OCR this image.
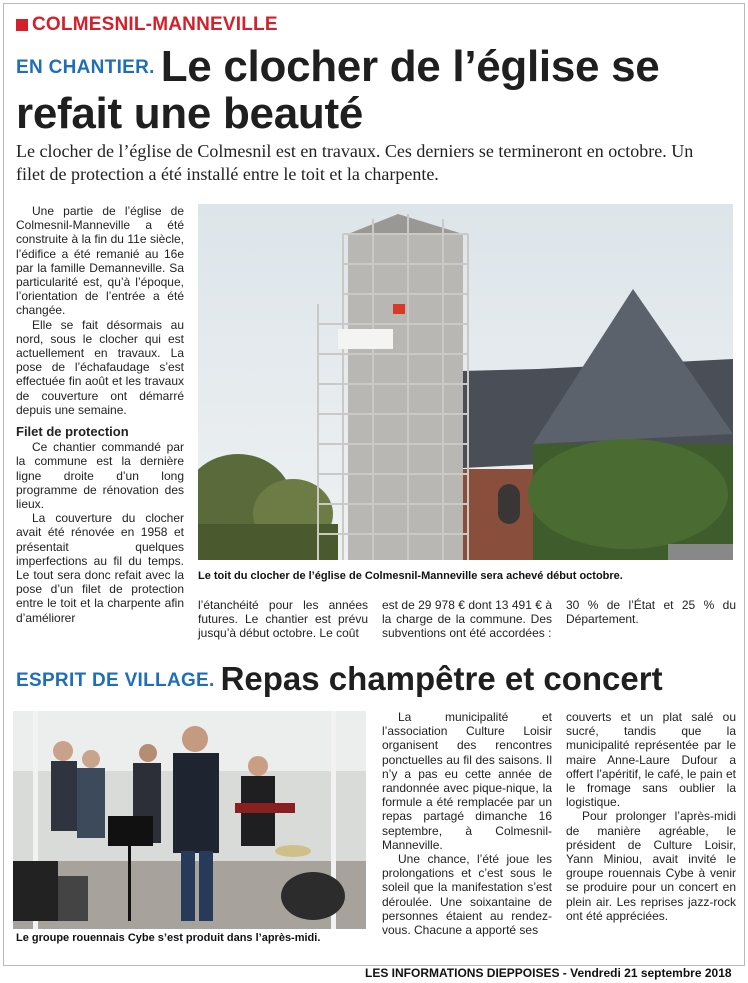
COLMESNIL-MANNEVILLE
EN CHANTIER. Le clocher de l’église se refait une beauté

Le clocher de l’église de Colmesnil est en travaux. Ces derniers se termineront en octobre. Un filet de protection a été installé entre le toit et la charpente.

Une partie de l’église de Colmesnil-Manneville a été construite à la fin du 11e siècle, l’édifice a été remanié au 16e par la famille Demanneville. Sa particularité est, qu’à l’époque, l’orientation de l’entrée a été changée.

Elle se fait désormais au nord, sous le clocher qui est actuellement en travaux. La pose de l’échafaudage s’est effectuée fin août et les travaux de couverture ont démarré depuis une semaine.

Filet de protection

Ce chantier commandé par la commune est la dernière ligne droite d’un long programme de rénovation des lieux.

La couverture du clocher avait été rénovée en 1958 et présentait quelques imperfections au fil du temps. Le tout sera donc refait avec la pose d’un filet de protection entre le toit et la charpente afin d’améliorer

Le toit du clocher de l’église de Colmesnil-Manneville sera achevé début octobre.

l’étanchéité pour les années futures. Le chantier est prévu jusqu’à début octobre. Le coût

est de 29 978 € dont 13 491 € à la charge de la commune. Des subventions ont été accordées :

30 % de l’État et 25 % du Département.

ESPRIT DE VILLAGE. Repas champêtre et concert
Le groupe rouennais Cybe s’est produit dans l’après-midi.

La municipalité et l’association Culture Loisir organisent des rencontres ponctuelles au fil des saisons. Il n’y a pas eu cette année de randonnée avec pique-nique, la formule a été remplacée par un repas partagé dimanche 16 septembre, à Colmesnil-Manneville.

Une chance, l’été joue les prolongations et c’est sous le soleil que la manifestation s’est déroulée. Une soixantaine de personnes étaient au rendez-vous. Chacune a apporté ses

couverts et un plat salé ou sucré, tandis que la municipalité représentée par le maire Anne-Laure Dufour a offert l’apéritif, le café, le pain et le fromage sans oublier la logistique.

Pour prolonger l’après-midi de manière agréable, le président de Culture Loisir, Yann Miniou, avait invité le groupe rouennais Cybe à venir se produire pour un concert en plein air. Les reprises jazz-rock ont été appréciées.

LES INFORMATIONS DIEPPOISES - Vendredi 21 septembre 2018
